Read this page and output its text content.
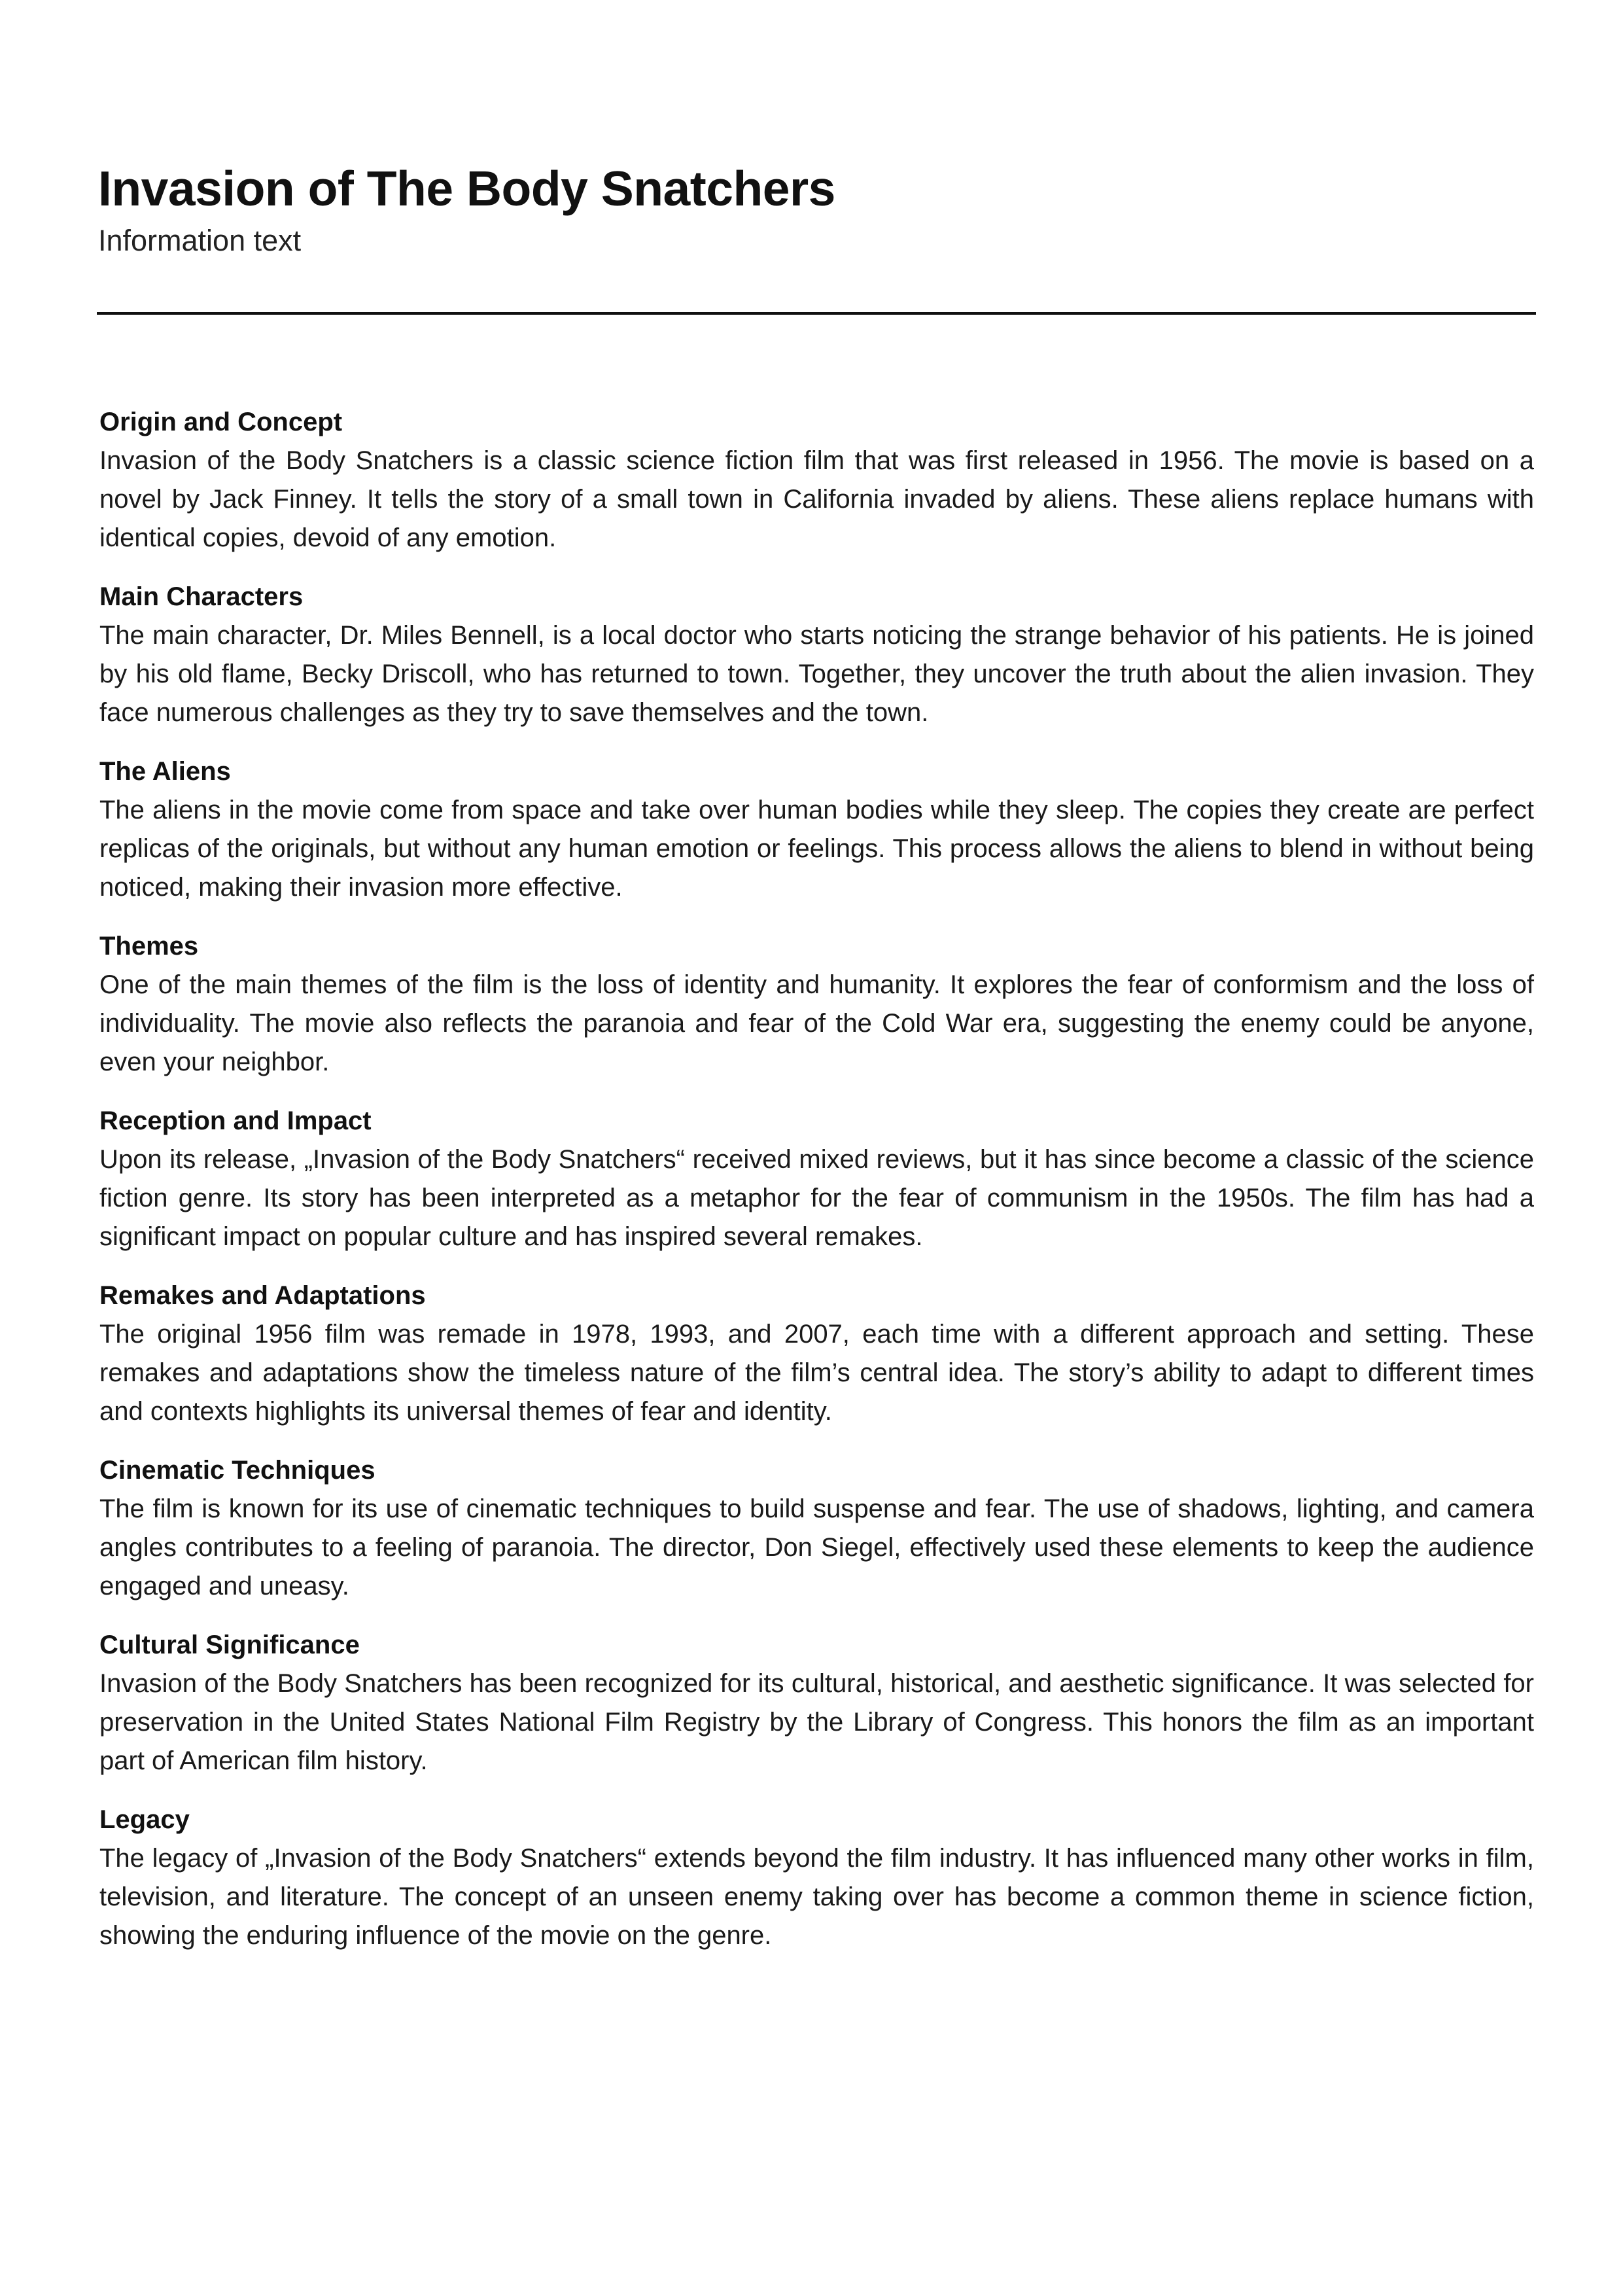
Invasion of The Body Snatchers

Information text

Origin and Concept

Invasion of the Body Snatchers is a classic science fiction film that was first released in 1956. The movie is based on a novel by Jack Finney. It tells the story of a small town in California invaded by aliens. These aliens replace humans with identical copies, devoid of any emotion.

Main Characters

The main character, Dr. Miles Bennell, is a local doctor who starts noticing the strange behavior of his patients. He is joined by his old flame, Becky Driscoll, who has returned to town. Together, they uncover the truth about the alien invasion. They face numerous challenges as they try to save themselves and the town.

The Aliens

The aliens in the movie come from space and take over human bodies while they sleep. The copies they create are perfect replicas of the originals, but without any human emotion or feelings. This process allows the aliens to blend in without being noticed, making their invasion more effective.

Themes

One of the main themes of the film is the loss of identity and humanity. It explores the fear of conformism and the loss of individuality. The movie also reflects the paranoia and fear of the Cold War era, suggesting the enemy could be anyone, even your neighbor.

Reception and Impact

Upon its release, „Invasion of the Body Snatchers“ received mixed reviews, but it has since become a classic of the science fiction genre. Its story has been interpreted as a metaphor for the fear of communism in the 1950s. The film has had a significant impact on popular culture and has inspired several remakes.

Remakes and Adaptations

The original 1956 film was remade in 1978, 1993, and 2007, each time with a different approach and setting. These remakes and adaptations show the timeless nature of the film’s central idea. The story’s ability to adapt to different times and contexts highlights its universal themes of fear and identity.

Cinematic Techniques

The film is known for its use of cinematic techniques to build suspense and fear. The use of shadows, lighting, and camera angles contributes to a feeling of paranoia. The director, Don Siegel, effectively used these elements to keep the audience engaged and uneasy.

Cultural Significance

Invasion of the Body Snatchers has been recognized for its cultural, historical, and aesthetic significance. It was selected for preservation in the United States National Film Registry by the Library of Congress. This honors the film as an important part of American film history.

Legacy

The legacy of „Invasion of the Body Snatchers“ extends beyond the film industry. It has influenced many other works in film, television, and literature. The concept of an unseen enemy taking over has become a common theme in science fiction, showing the enduring influence of the movie on the genre.
